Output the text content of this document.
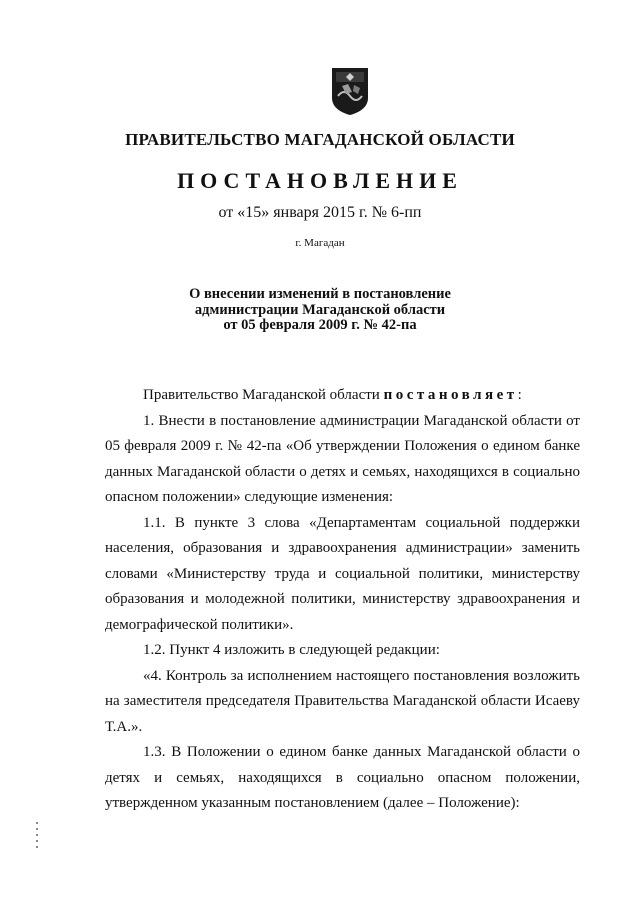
ПРАВИТЕЛЬСТВО МАГАДАНСКОЙ ОБЛАСТИ
ПОСТАНОВЛЕНИЕ
от «15» января 2015 г. № 6-пп
г. Магадан
О внесении изменений в постановление
администрации Магаданской области
от 05 февраля 2009 г. № 42-па

Правительство Магаданской области постановляет:

1. Внести в постановление администрации Магаданской области от 05 февраля 2009 г. № 42-па «Об утверждении Положения о едином банке данных Магаданской области о детях и семьях, находящихся в социально опасном положении» следующие изменения:

1.1. В пункте 3 слова «Департаментам социальной поддержки населения, образования и здравоохранения администрации» заменить словами «Министерству труда и социальной политики, министерству образования и молодежной политики, министерству здравоохранения и демографической политики».

1.2. Пункт 4 изложить в следующей редакции:

«4. Контроль за исполнением настоящего постановления возложить на заместителя председателя Правительства Магаданской области Исаеву Т.А.».

1.3. В Положении о едином банке данных Магаданской области о детях и семьях, находящихся в социально опасном положении, утвержденном указанным постановлением (далее – Положение):
